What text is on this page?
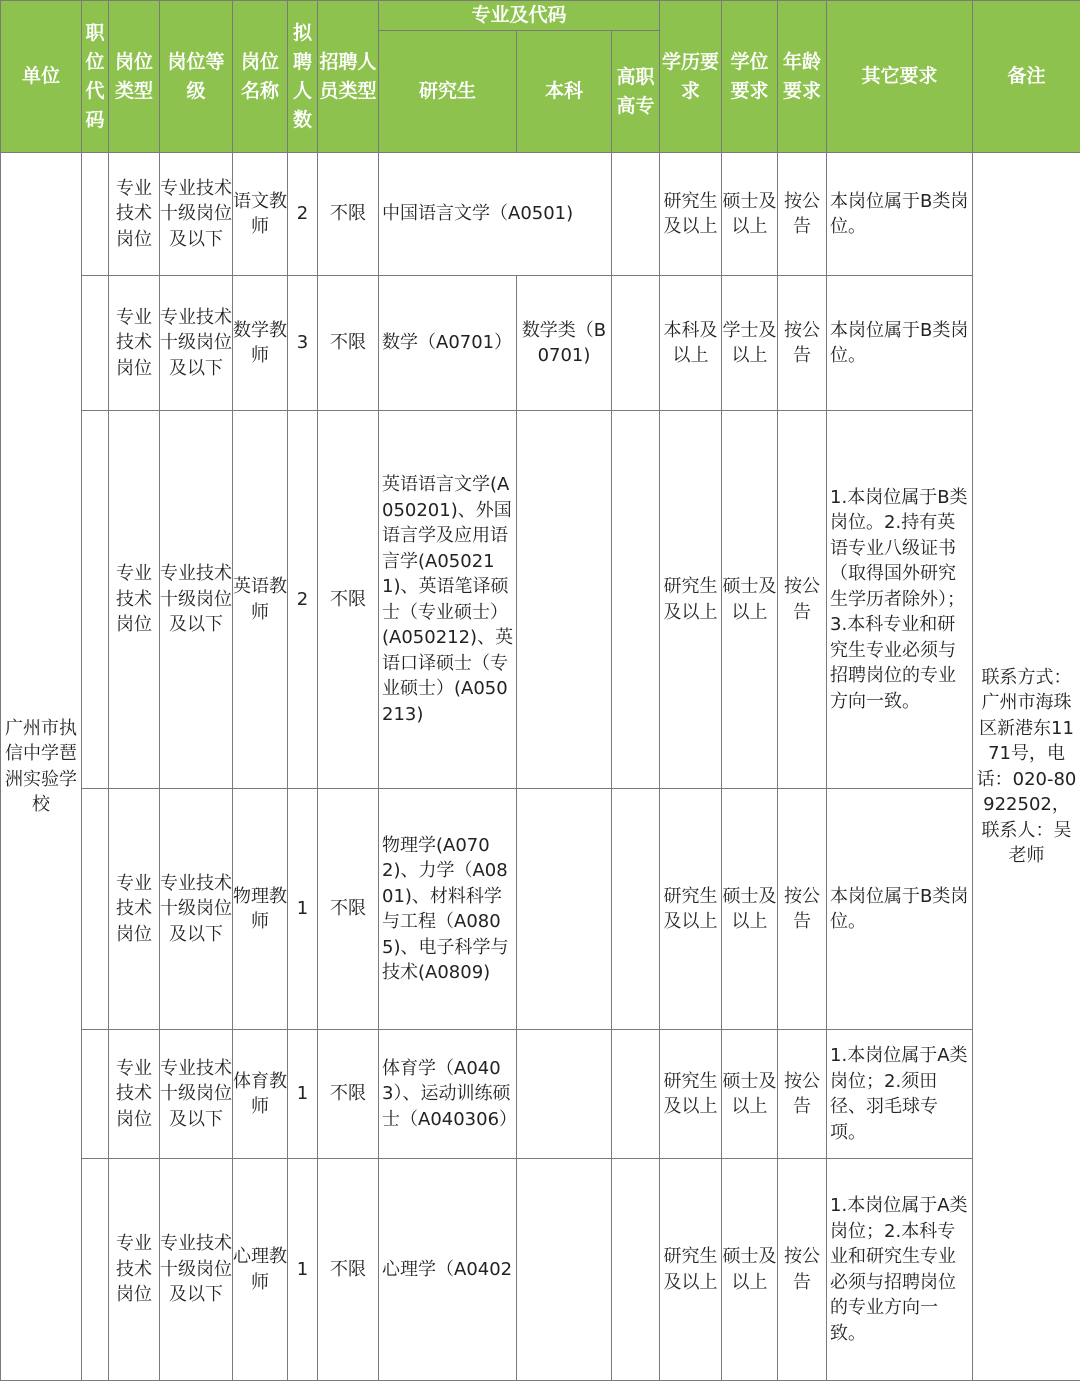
单位	职位代码	岗位类型	岗位等级	岗位名称	拟聘人数	招聘人员类型	专业及代码			学历要求	学位要求	年龄要求	其它要求	备注
							研究生	本科	高职高专					
广州市执信中学琶洲实验学校		专业技术岗位	专业技术十级岗位及以下	语文教师	2	不限	中国语言文学（A0501)			研究生及以上	硕士及以上	按公告	本岗位属于B类岗位。	联系方式：广州市海珠区新港东1171号，电话：020-80922502，联系人：吴老师
		专业技术岗位	专业技术十级岗位及以下	数学教师	3	不限	数学（A0701）	数学类（B0701)		本科及以上	学士及以上	按公告	本岗位属于B类岗位。	
		专业技术岗位	专业技术十级岗位及以下	英语教师	2	不限	英语语言文学(A050201)、外国语言学及应用语言学(A050211)、英语笔译硕士（专业硕士）(A050212)、英语口译硕士（专业硕士）(A050213)			研究生及以上	硕士及以上	按公告	1.本岗位属于B类岗位。2.持有英语专业八级证书（取得国外研究生学历者除外）；3.本科专业和研究生专业必须与招聘岗位的专业方向一致。	
		专业技术岗位	专业技术十级岗位及以下	物理教师	1	不限	物理学(A0702)、力学（A0801)、材料科学与工程（A0805)、电子科学与技术(A0809)			研究生及以上	硕士及以上	按公告	本岗位属于B类岗位。	
		专业技术岗位	专业技术十级岗位及以下	体育教师	1	不限	体育学（A0403）、运动训练硕士（A040306）			研究生及以上	硕士及以上	按公告	1.本岗位属于A类岗位；2.须田径、羽毛球专项。	
		专业技术岗位	专业技术十级岗位及以下	心理教师	1	不限	心理学（A0402			研究生及以上	硕士及以上	按公告	1.本岗位属于A类岗位；2.本科专业和研究生专业必须与招聘岗位的专业方向一致。	
